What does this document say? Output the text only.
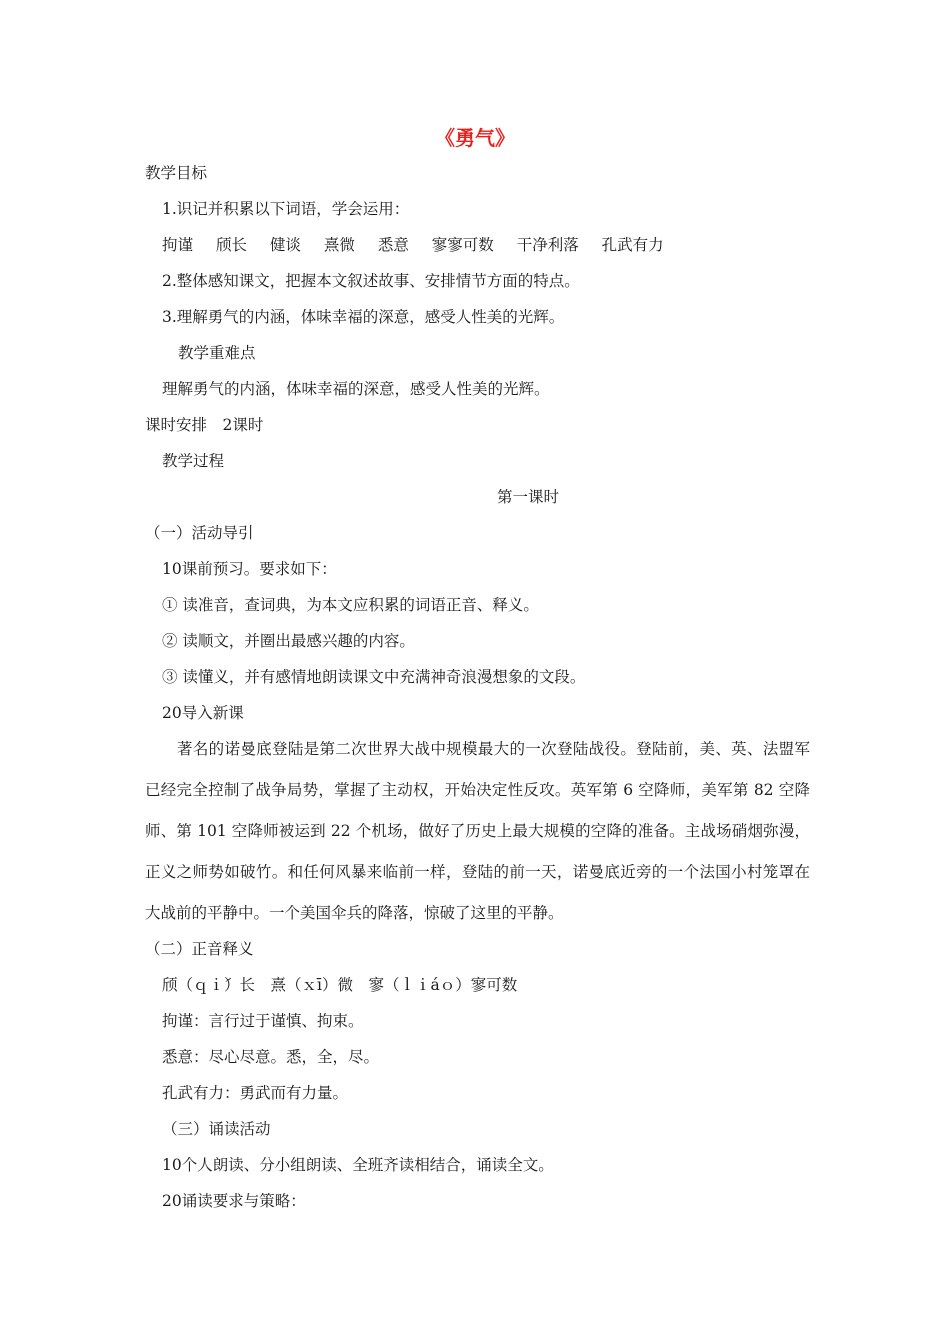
《勇气》
教学目标
1.识记并积累以下词语，学会运用：
拘谨 颀长 健谈 熹微 悉意 寥寥可数 干净利落 孔武有力
2.整体感知课文，把握本文叙述故事、安排情节方面的特点。
3.理解勇气的内涵，体味幸福的深意，感受人性美的光辉。
教学重难点
理解勇气的内涵，体味幸福的深意，感受人性美的光辉。
课时安排　2课时
教学过程
第一课时
（一）活动导引
10课前预习。要求如下：
① 读准音，查词典，为本文应积累的词语正音、释义。
② 读顺文，并圈出最感兴趣的内容。
③ 读懂义，并有感情地朗读课文中充满神奇浪漫想象的文段。
20导入新课
著名的诺曼底登陆是第二次世界大战中规模最大的一次登陆战役。登陆前，美、英、法盟军已经完全控制了战争局势，掌握了主动权，开始决定性反攻。英军第 6 空降师，美军第 82 空降师、第 101 空降师被运到 22 个机场，做好了历史上最大规模的空降的准备。主战场硝烟弥漫，正义之师势如破竹。和任何风暴来临前一样，登陆的前一天，诺曼底近旁的一个法国小村笼罩在大战前的平静中。一个美国伞兵的降落，惊破了这里的平静。
（二）正音释义
颀（ｑｉ́）长　熹（ｘī）微　寥（ｌｉáｏ）寥可数
拘谨：言行过于谨慎、拘束。
悉意：尽心尽意。悉，全，尽。
孔武有力：勇武而有力量。
（三）诵读活动
10个人朗读、分小组朗读、全班齐读相结合，诵读全文。
20诵读要求与策略：
